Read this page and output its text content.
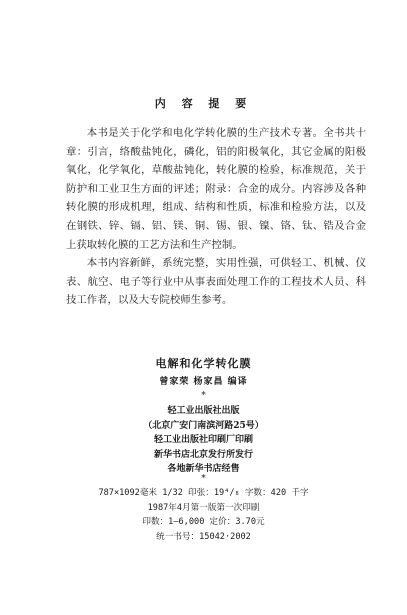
内 容 提 要

本书是关于化学和电化学转化膜的生产技术专著。全书共十章：引言，络酸盐钝化，磷化，铝的阳极氧化，其它金属的阳极氧化，化学氧化，草酸盐钝化，转化膜的检验，标准规范，关于防护和工业卫生方面的评述；附录：合金的成分。内容涉及各种转化膜的形成机理，组成、结构和性质，标准和检验方法，以及在钢铁、锌、镉、铝、镁、铜、锡、银、镍、铬、钛、锆及合金上获取转化膜的工艺方法和生产控制。

本书内容新鲜，系统完整，实用性强，可供轻工、机械、仪表、航空、电子等行业中从事表面处理工作的工程技术人员、科技工作者，以及大专院校师生参考。

电解和化学转化膜
曾家荣 杨家昌 编译
*
轻工业出版社出版
（北京广安门南滨河路25号）
轻工业出版社印刷厂印刷
新华书店北京发行所发行
各地新华书店经售
*
787×1092毫米 1/32 印张：19⁴/₈ 字数：420 千字
1987年4月第一版第一次印刷
印数：1—6,000 定价：3.70元
统一书号：15042·2002
